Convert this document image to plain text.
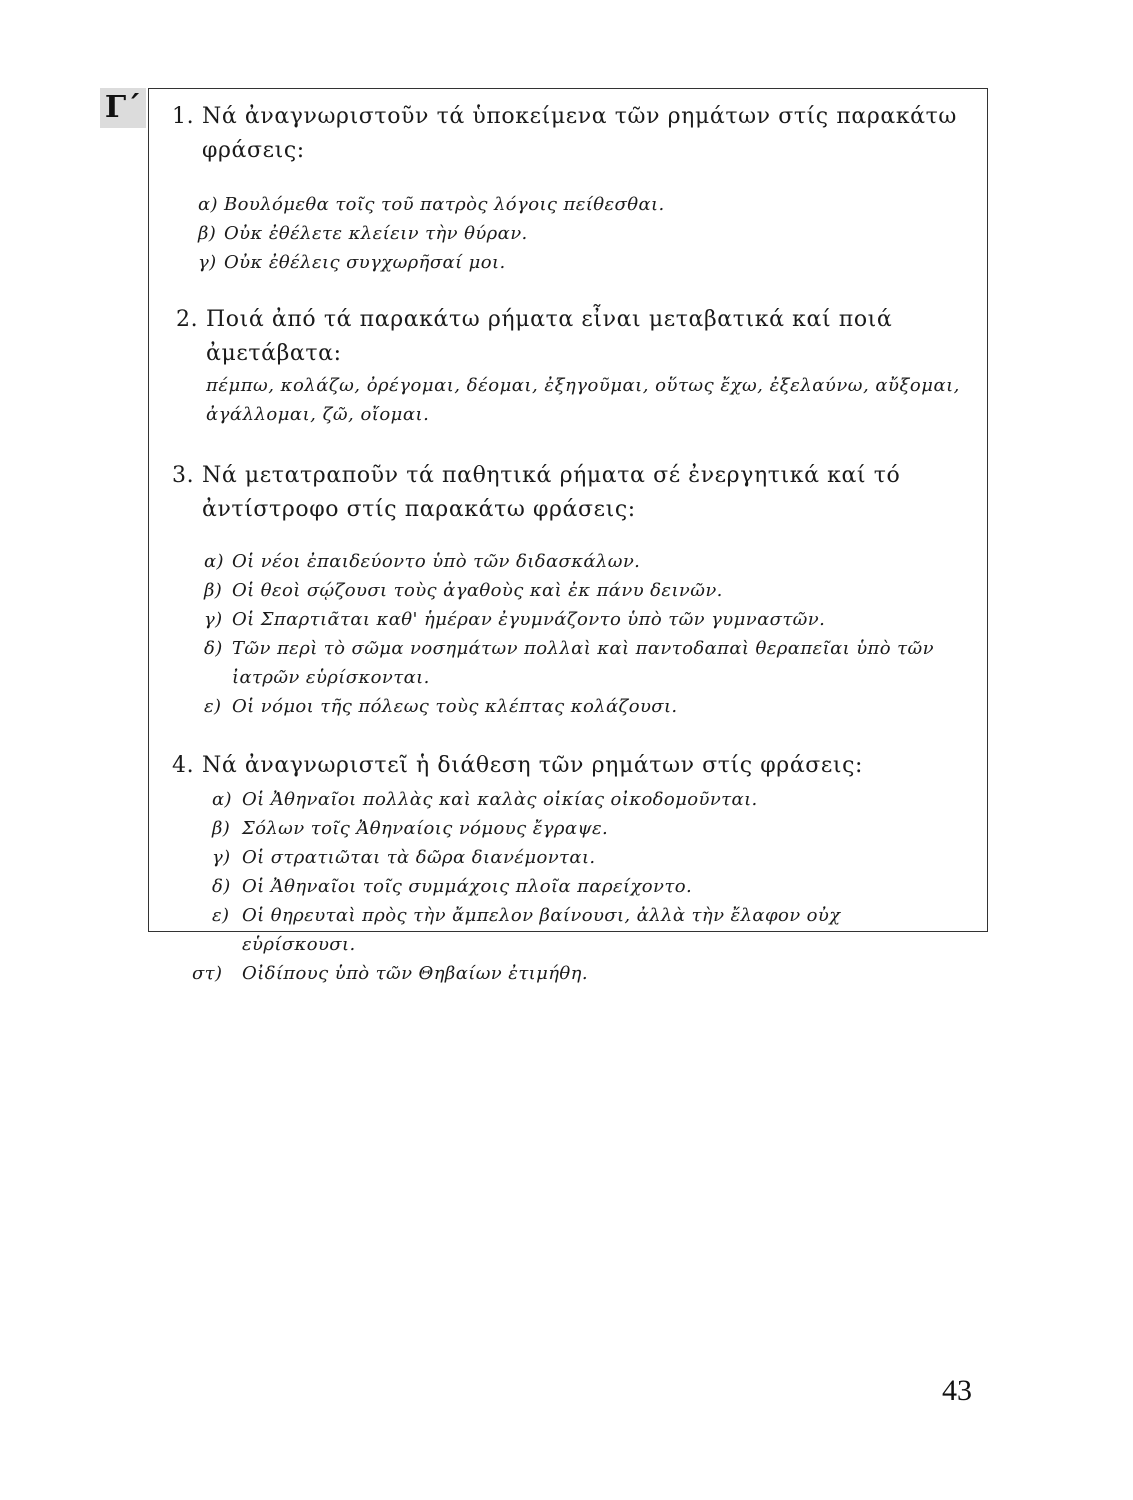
Γ΄ 1. Νά ἀναγνωριστοῦν τά ὑποκείμενα τῶν ρημάτων στίς παρακάτω φράσεις:
α) Βουλόμεθα τοῖς τοῦ πατρὸς λόγοις πείθεσθαι.
β) Οὐκ ἐθέλετε κλείειν τὴν θύραν.
γ) Οὐκ ἐθέλεις συγχωρῆσαί μοι.
2. Ποιά ἀπό τά παρακάτω ρήματα εἶναι μεταβατικά καί ποιά ἀμετάβατα:
πέμπω, κολάζω, ὀρέγομαι, δέομαι, ἐξηγοῦμαι, οὕτως ἔχω, ἐξελαύνω, αὔξομαι, ἀγάλλομαι, ζῶ, οἴομαι.
3. Νά μετατραποῦν τά παθητικά ρήματα σέ ἐνεργητικά καί τό ἀντίστροφο στίς παρακάτω φράσεις:
α) Οἱ νέοι ἐπαιδεύοντο ὑπὸ τῶν διδασκάλων.
β) Οἱ θεοὶ σῴζουσι τοὺς ἀγαθοὺς καὶ ἐκ πάνυ δεινῶν.
γ) Οἱ Σπαρτιᾶται καθ' ἡμέραν ἐγυμνάζοντο ὑπὸ τῶν γυμναστῶν.
δ) Τῶν περὶ τὸ σῶμα νοσημάτων πολλαὶ καὶ παντοδαπαὶ θεραπεῖαι ὑπὸ τῶν ἰατρῶν εὑρίσκονται.
ε) Οἱ νόμοι τῆς πόλεως τοὺς κλέπτας κολάζουσι.
4. Νά ἀναγνωριστεῖ ἡ διάθεση τῶν ρημάτων στίς φράσεις:
α) Οἱ Ἀθηναῖοι πολλὰς καὶ καλὰς οἰκίας οἰκοδομοῦνται.
β) Σόλων τοῖς Ἀθηναίοις νόμους ἔγραψε.
γ) Οἱ στρατιῶται τὰ δῶρα διανέμονται.
δ) Οἱ Ἀθηναῖοι τοῖς συμμάχοις πλοῖα παρείχοντο.
ε) Οἱ θηρευταὶ πρὸς τὴν ἄμπελον βαίνουσι, ἀλλὰ τὴν ἔλαφον οὐχ εὑρίσκουσι.
στ)	Οἰδίπους ὑπὸ τῶν Θηβαίων ἐτιμήθη.
43
